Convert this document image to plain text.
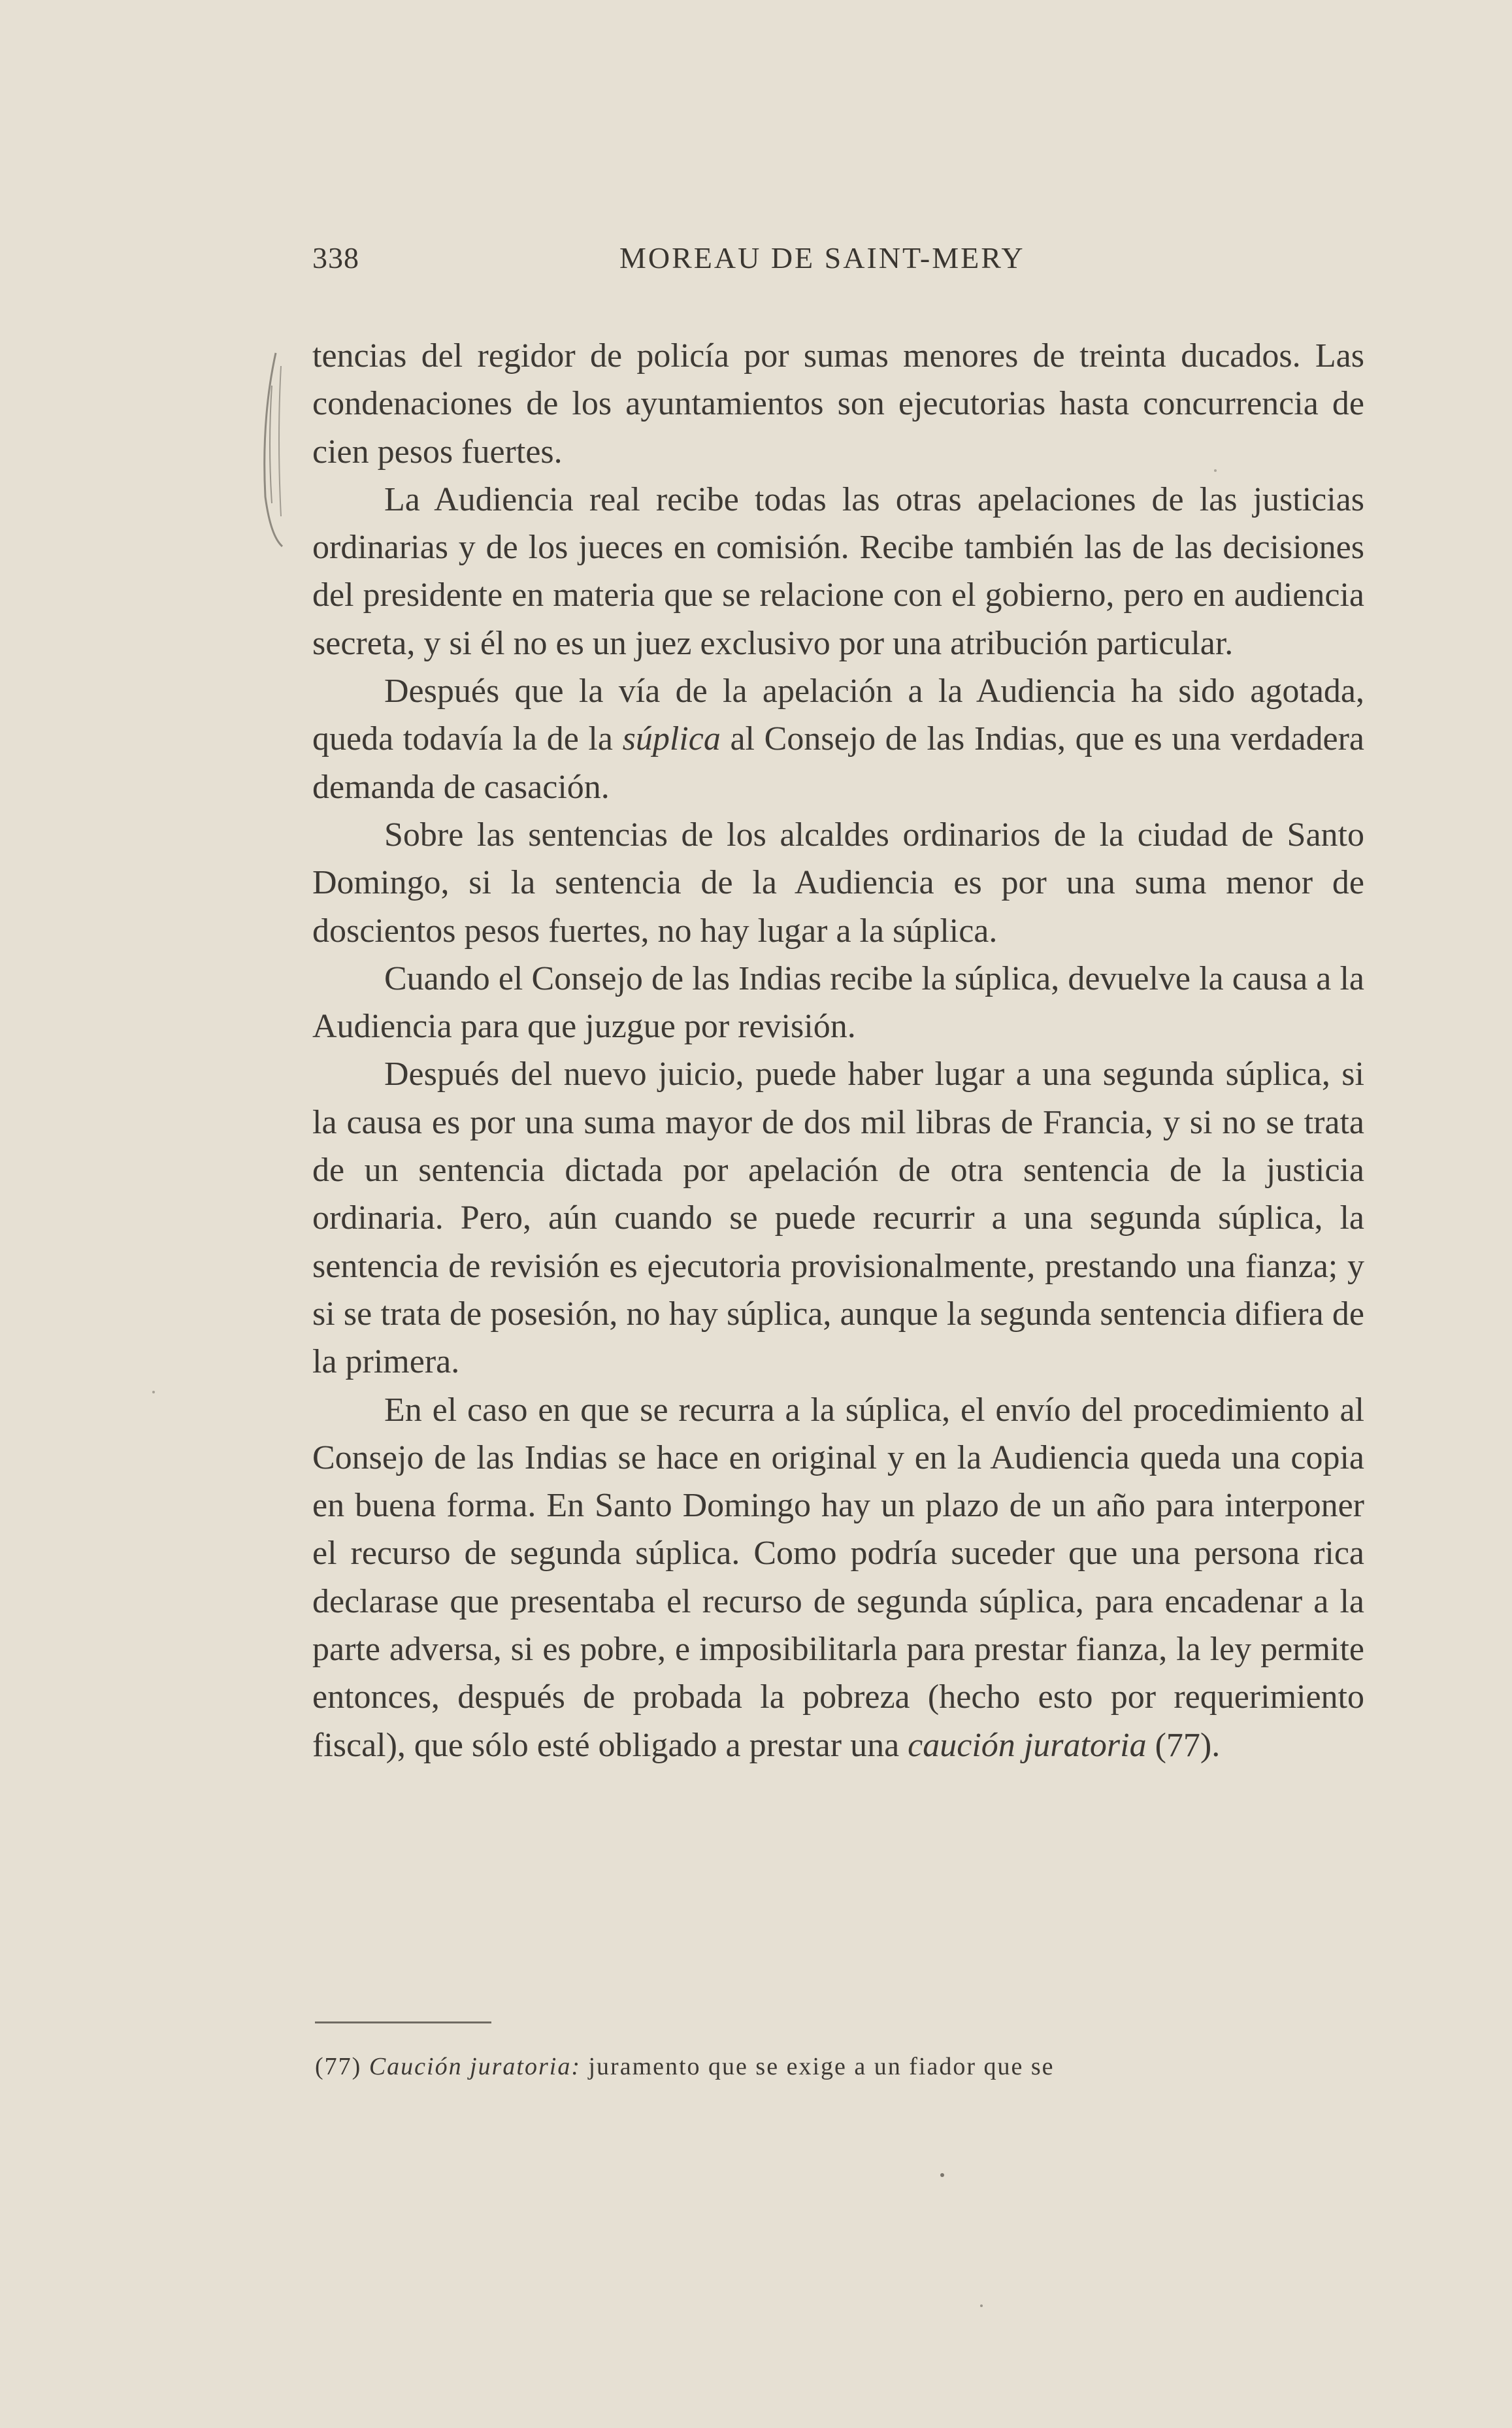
338	MOREAU DE SAINT-MERY

tencias del regidor de policía por sumas menores de treinta ducados. Las condenaciones de los ayuntamientos son ejecutorias hasta concurrencia de cien pesos fuertes.

La Audiencia real recibe todas las otras apelaciones de las justicias ordinarias y de los jueces en comisión. Recibe también las de las decisiones del presidente en materia que se relacione con el gobierno, pero en audiencia secreta, y si él no es un juez exclusivo por una atribución particular.

Después que la vía de la apelación a la Audiencia ha sido agotada, queda todavía la de la súplica al Consejo de las Indias, que es una verdadera demanda de casación.

Sobre las sentencias de los alcaldes ordinarios de la ciudad de Santo Domingo, si la sentencia de la Audiencia es por una suma menor de doscientos pesos fuertes, no hay lugar a la súplica.

Cuando el Consejo de las Indias recibe la súplica, devuelve la causa a la Audiencia para que juzgue por revisión.

Después del nuevo juicio, puede haber lugar a una segunda súplica, si la causa es por una suma mayor de dos mil libras de Francia, y si no se trata de un sentencia dictada por apelación de otra sentencia de la justicia ordinaria. Pero, aún cuando se puede recurrir a una segunda súplica, la sentencia de revisión es ejecutoria provisionalmente, prestando una fianza; y si se trata de posesión, no hay súplica, aunque la segunda sentencia difiera de la primera.

En el caso en que se recurra a la súplica, el envío del procedimiento al Consejo de las Indias se hace en original y en la Audiencia queda una copia en buena forma. En Santo Domingo hay un plazo de un año para interponer el recurso de segunda súplica. Como podría suceder que una persona rica declarase que presentaba el recurso de segunda súplica, para encadenar a la parte adversa, si es pobre, e imposibilitarla para prestar fianza, la ley permite entonces, después de probada la pobreza (hecho esto por requerimiento fiscal), que sólo esté obligado a prestar una caución juratoria (77).

(77) Caución juratoria: juramento que se exige a un fiador que se
